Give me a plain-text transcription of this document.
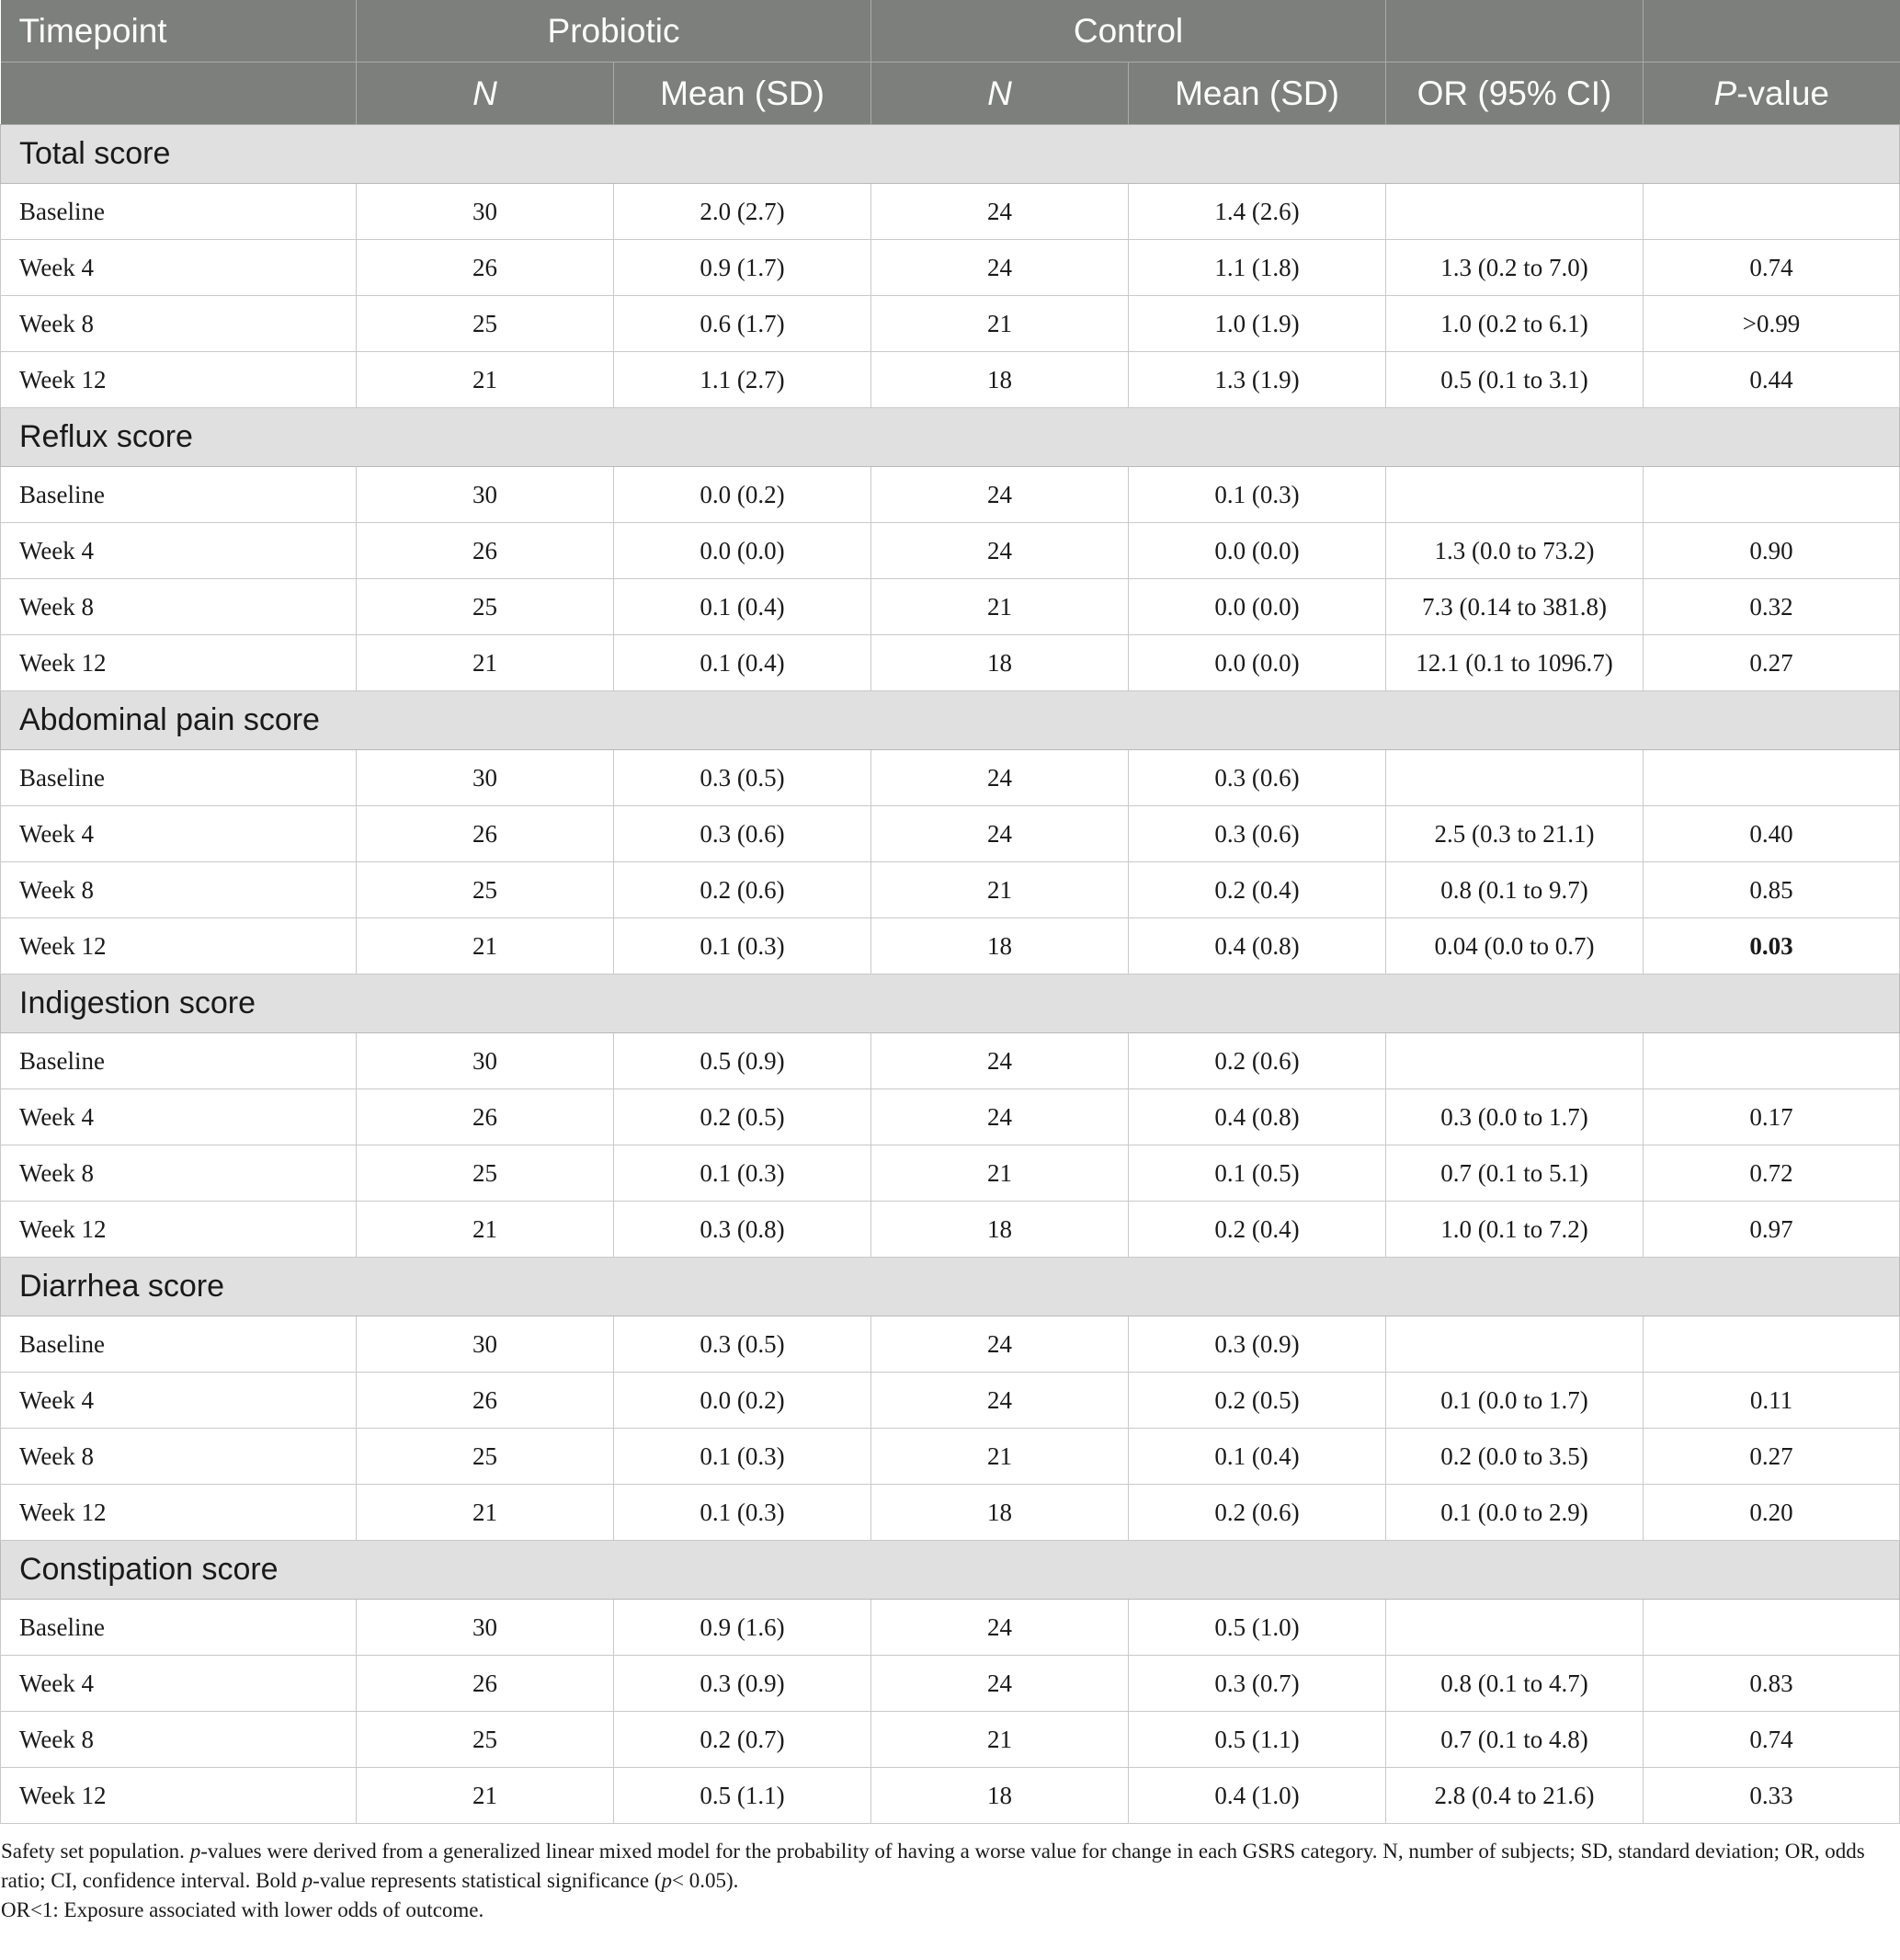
Timepoint	Probiotic		Control			
	N	Mean (SD)	N	Mean (SD)	OR (95% CI)	P-value
Total score						
Baseline	30	2.0 (2.7)	24	1.4 (2.6)		
Week 4	26	0.9 (1.7)	24	1.1 (1.8)	1.3 (0.2 to 7.0)	0.74
Week 8	25	0.6 (1.7)	21	1.0 (1.9)	1.0 (0.2 to 6.1)	>0.99
Week 12	21	1.1 (2.7)	18	1.3 (1.9)	0.5 (0.1 to 3.1)	0.44
Reflux score						
Baseline	30	0.0 (0.2)	24	0.1 (0.3)		
Week 4	26	0.0 (0.0)	24	0.0 (0.0)	1.3 (0.0 to 73.2)	0.90
Week 8	25	0.1 (0.4)	21	0.0 (0.0)	7.3 (0.14 to 381.8)	0.32
Week 12	21	0.1 (0.4)	18	0.0 (0.0)	12.1 (0.1 to 1096.7)	0.27
Abdominal pain score						
Baseline	30	0.3 (0.5)	24	0.3 (0.6)		
Week 4	26	0.3 (0.6)	24	0.3 (0.6)	2.5 (0.3 to 21.1)	0.40
Week 8	25	0.2 (0.6)	21	0.2 (0.4)	0.8 (0.1 to 9.7)	0.85
Week 12	21	0.1 (0.3)	18	0.4 (0.8)	0.04 (0.0 to 0.7)	0.03
Indigestion score						
Baseline	30	0.5 (0.9)	24	0.2 (0.6)		
Week 4	26	0.2 (0.5)	24	0.4 (0.8)	0.3 (0.0 to 1.7)	0.17
Week 8	25	0.1 (0.3)	21	0.1 (0.5)	0.7 (0.1 to 5.1)	0.72
Week 12	21	0.3 (0.8)	18	0.2 (0.4)	1.0 (0.1 to 7.2)	0.97
Diarrhea score						
Baseline	30	0.3 (0.5)	24	0.3 (0.9)		
Week 4	26	0.0 (0.2)	24	0.2 (0.5)	0.1 (0.0 to 1.7)	0.11
Week 8	25	0.1 (0.3)	21	0.1 (0.4)	0.2 (0.0 to 3.5)	0.27
Week 12	21	0.1 (0.3)	18	0.2 (0.6)	0.1 (0.0 to 2.9)	0.20
Constipation score						
Baseline	30	0.9 (1.6)	24	0.5 (1.0)		
Week 4	26	0.3 (0.9)	24	0.3 (0.7)	0.8 (0.1 to 4.7)	0.83
Week 8	25	0.2 (0.7)	21	0.5 (1.1)	0.7 (0.1 to 4.8)	0.74
Week 12	21	0.5 (1.1)	18	0.4 (1.0)	2.8 (0.4 to 21.6)	0.33

Safety set population. p-values were derived from a generalized linear mixed model for the probability of having a worse value for change in each GSRS category. N, number of subjects; SD, standard deviation; OR, odds ratio; CI, confidence interval. Bold p-value represents statistical significance (p< 0.05).

OR<1: Exposure associated with lower odds of outcome.
